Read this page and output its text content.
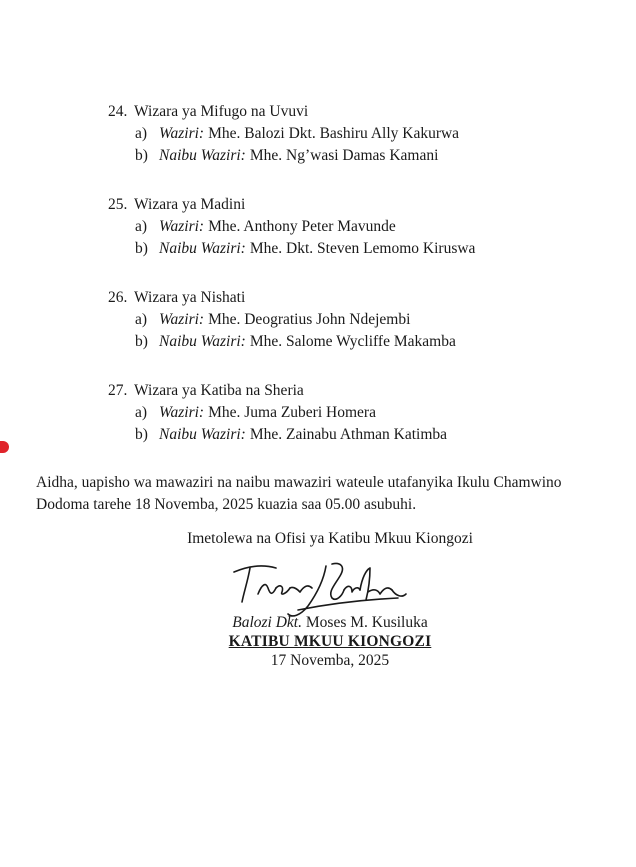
24. Wizara ya Mifugo na Uvuvi
a) Waziri: Mhe. Balozi Dkt. Bashiru Ally Kakurwa
b) Naibu Waziri: Mhe. Ng’wasi Damas Kamani
25. Wizara ya Madini
a) Waziri: Mhe. Anthony Peter Mavunde
b) Naibu Waziri: Mhe. Dkt. Steven Lemomo Kiruswa
26. Wizara ya Nishati
a) Waziri: Mhe. Deogratius John Ndejembi
b) Naibu Waziri: Mhe. Salome Wycliffe Makamba
27. Wizara ya Katiba na Sheria
a) Waziri: Mhe. Juma Zuberi Homera
b) Naibu Waziri: Mhe. Zainabu Athman Katimba
Aidha, uapisho wa mawaziri na naibu mawaziri wateule utafanyika Ikulu Chamwino
Dodoma tarehe 18 Novemba, 2025 kuazia saa 05.00 asubuhi.
Imetolewa na Ofisi ya Katibu Mkuu Kiongozi
Balozi Dkt. Moses M. Kusiluka
KATIBU MKUU KIONGOZI
17 Novemba, 2025
